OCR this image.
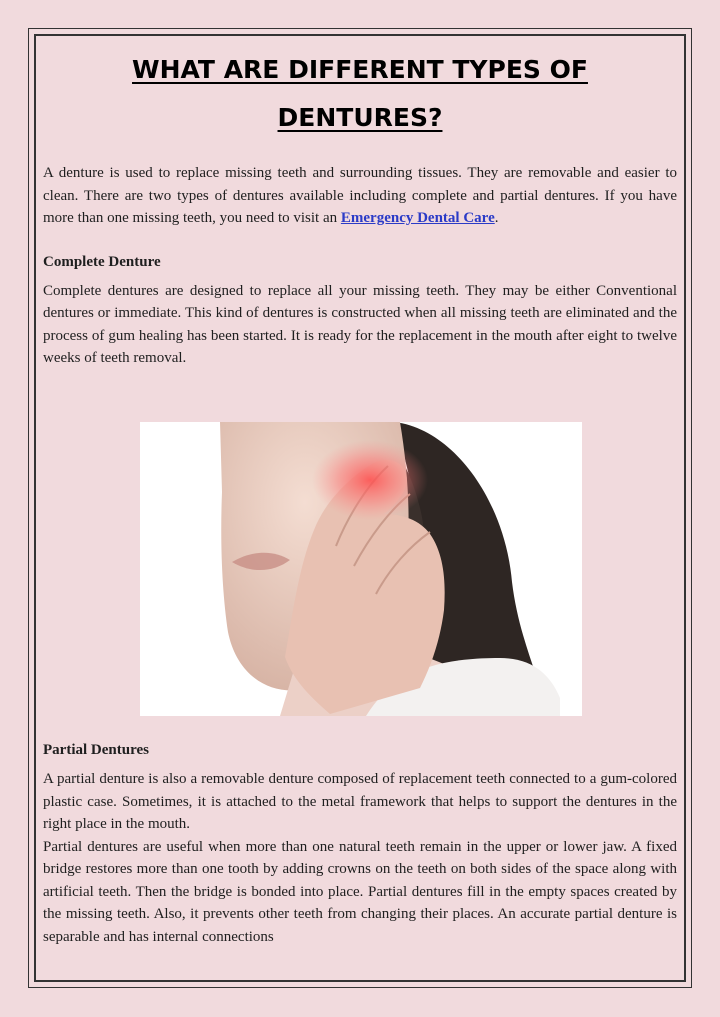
WHAT ARE DIFFERENT TYPES OF
DENTURES?

A denture is used to replace missing teeth and surrounding tissues. They are removable and easier to clean. There are two types of dentures available including complete and partial dentures. If you have more than one missing teeth, you need to visit an Emergency Dental Care.

Complete Denture

Complete dentures are designed to replace all your missing teeth. They may be either Conventional dentures or immediate. This kind of dentures is constructed when all missing teeth are eliminated and the process of gum healing has been started. It is ready for the replacement in the mouth after eight to twelve weeks of teeth removal.

Partial Dentures

A partial denture is also a removable denture composed of replacement teeth connected to a gum-colored plastic case. Sometimes, it is attached to the metal framework that helps to support the dentures in the right place in the mouth.

Partial dentures are useful when more than one natural teeth remain in the upper or lower jaw. A fixed bridge restores more than one tooth by adding crowns on the teeth on both sides of the space along with artificial teeth. Then the bridge is bonded into place. Partial dentures fill in the empty spaces created by the missing teeth. Also, it prevents other teeth from changing their places. An accurate partial denture is separable and has internal connections
